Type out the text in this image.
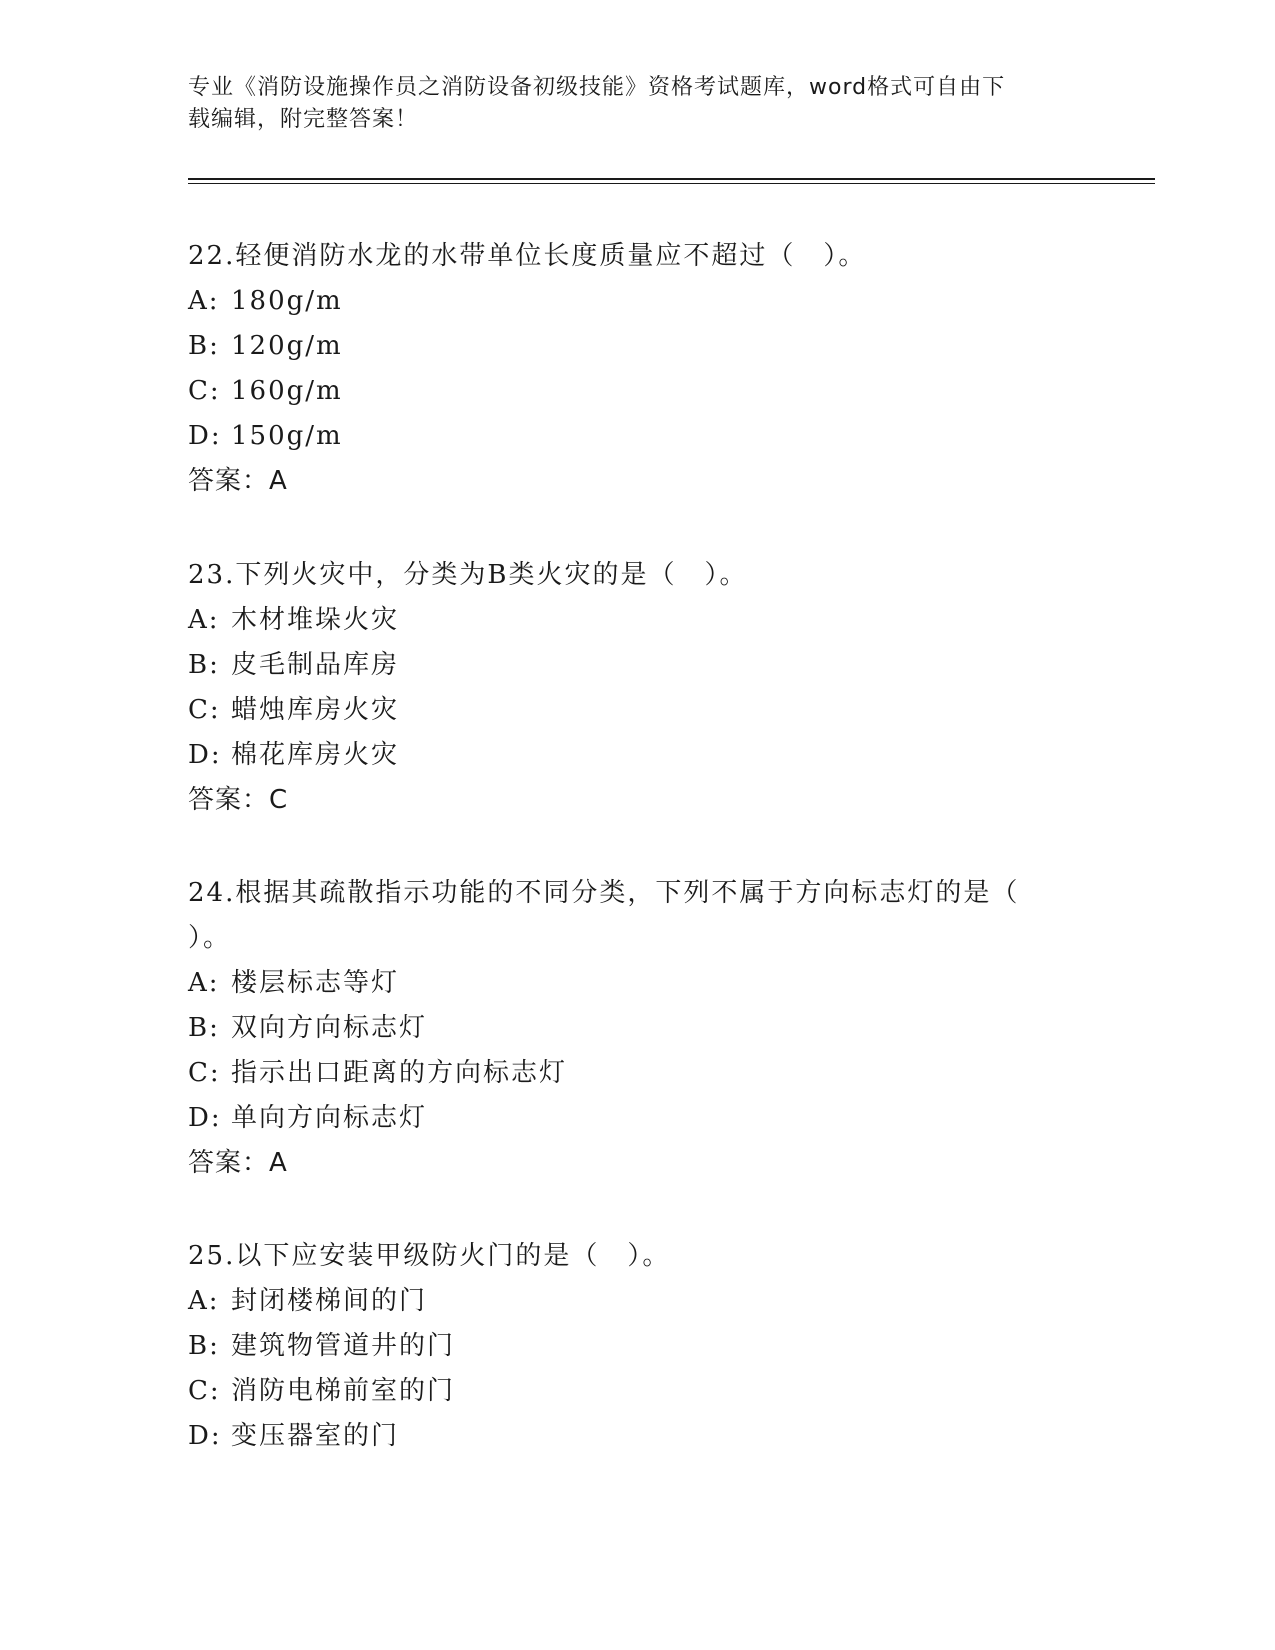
专业《消防设施操作员之消防设备初级技能》资格考试题库，word格式可自由下
载编辑，附完整答案！
22.轻便消防水龙的水带单位长度质量应不超过（　）。
A: 180g/m
B: 120g/m
C: 160g/m
D: 150g/m
答案：A
23.下列火灾中，分类为B类火灾的是（　）。
A: 木材堆垛火灾
B: 皮毛制品库房
C: 蜡烛库房火灾
D: 棉花库房火灾
答案：C
24.根据其疏散指示功能的不同分类，下列不属于方向标志灯的是（
）。
A: 楼层标志等灯
B: 双向方向标志灯
C: 指示出口距离的方向标志灯
D: 单向方向标志灯
答案：A
25.以下应安装甲级防火门的是（　）。
A: 封闭楼梯间的门
B: 建筑物管道井的门
C: 消防电梯前室的门
D: 变压器室的门
